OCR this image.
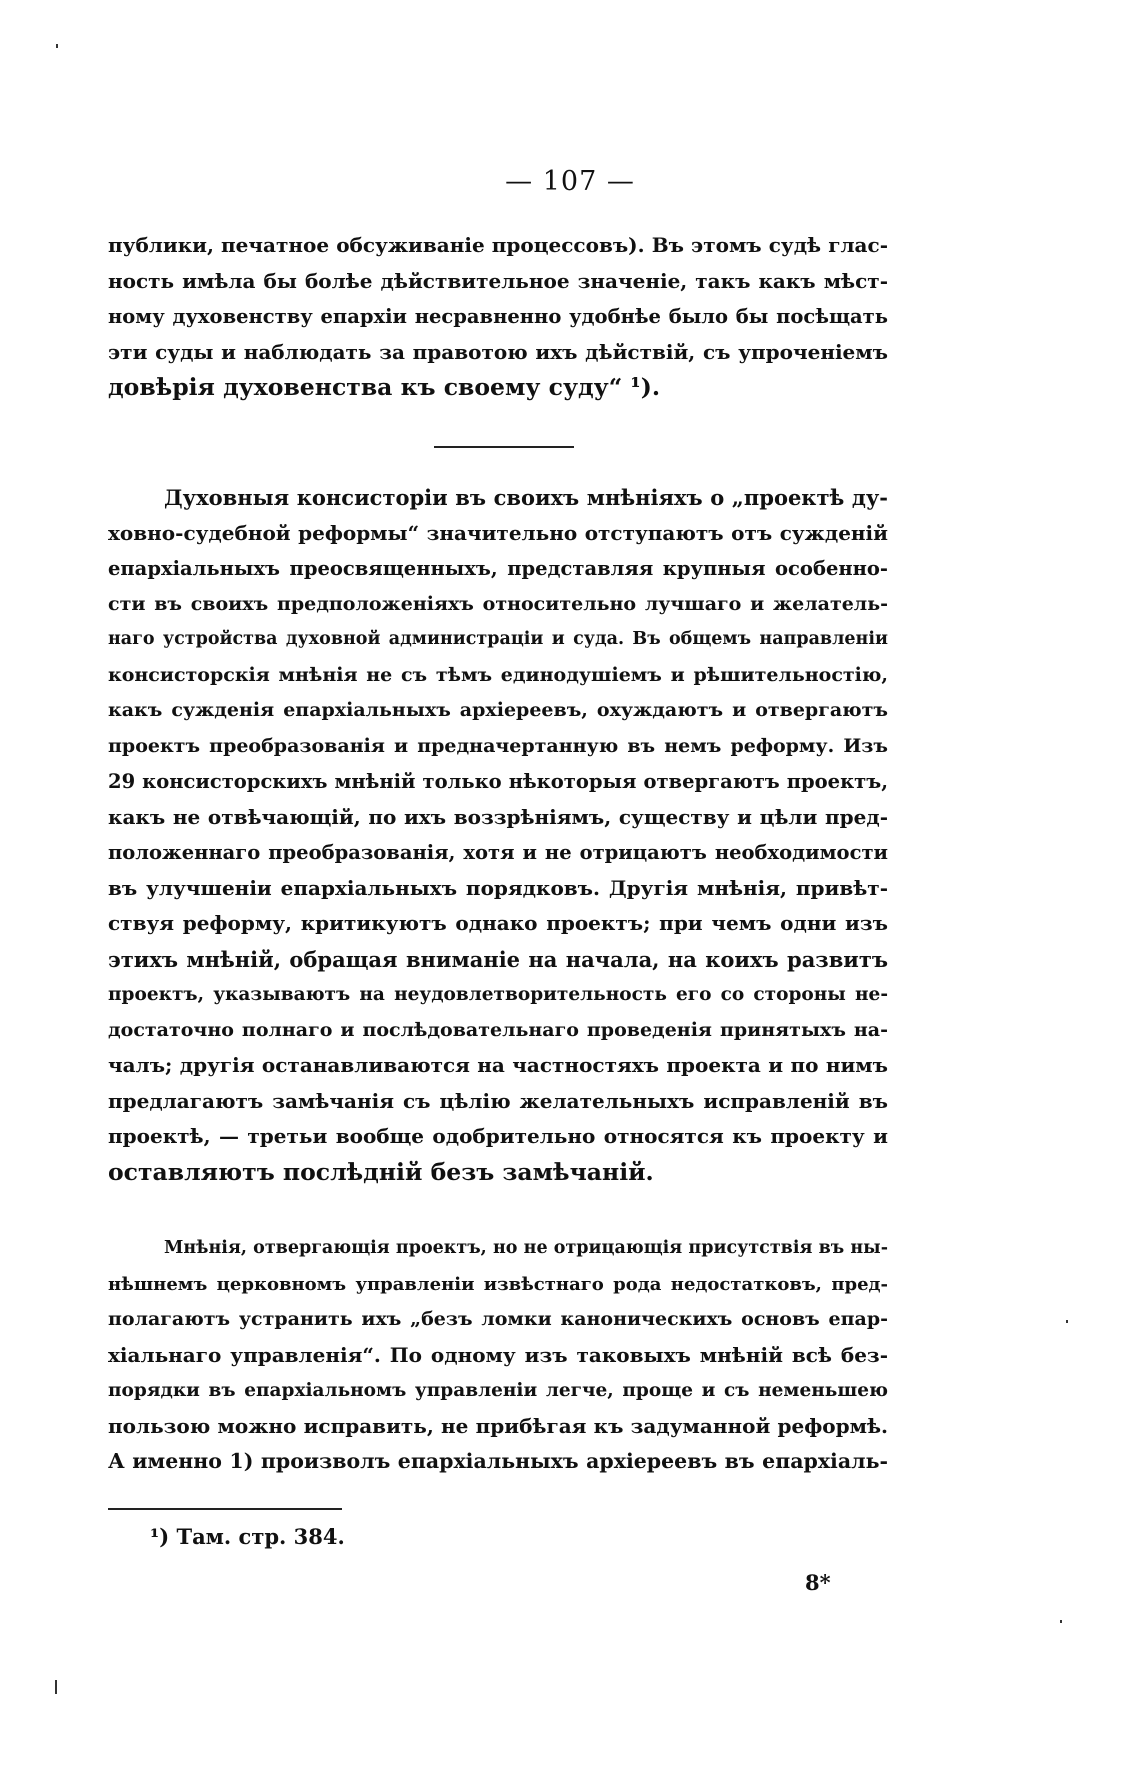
— 107 —
публики, печатное обсуживаніе процессовъ). Въ этомъ судѣ глас-
ность имѣла бы болѣе дѣйствительное значеніе, такъ какъ мѣст-
ному духовенству епархіи несравненно удобнѣе было бы посѣщать
эти суды и наблюдать за правотою ихъ дѣйствій, съ упроченіемъ
довѣрія духовенства къ своему суду“ ¹).
Духовныя консисторіи въ своихъ мнѣніяхъ о „проектѣ ду-
ховно-судебной реформы“ значительно отступаютъ отъ сужденій
епархіальныхъ преосвященныхъ, представляя крупныя особенно-
сти въ своихъ предположеніяхъ относительно лучшаго и желатель-
наго устройства духовной администраціи и суда. Въ общемъ направленіи
консисторскія мнѣнія не съ тѣмъ единодушіемъ и рѣшительностію,
какъ сужденія епархіальныхъ архіереевъ, охуждаютъ и отвергаютъ
проектъ преобразованія и предначертанную въ немъ реформу. Изъ
29 консисторскихъ мнѣній только нѣкоторыя отвергаютъ проектъ,
какъ не отвѣчающій, по ихъ воззрѣніямъ, существу и цѣли пред-
положеннаго преобразованія, хотя и не отрицаютъ необходимости
въ улучшеніи епархіальныхъ порядковъ. Другія мнѣнія, привѣт-
ствуя реформу, критикуютъ однако проектъ; при чемъ одни изъ
этихъ мнѣній, обращая вниманіе на начала, на коихъ развитъ
проектъ, указываютъ на неудовлетворительность его со стороны не-
достаточно полнаго и послѣдовательнаго проведенія принятыхъ на-
чалъ; другія останавливаются на частностяхъ проекта и по нимъ
предлагаютъ замѣчанія съ цѣлію желательныхъ исправленій въ
проектѣ, — третьи вообще одобрительно относятся къ проекту и
оставляютъ послѣдній безъ замѣчаній.
Мнѣнія, отвергающія проектъ, но не отрицающія присутствія въ ны-
нѣшнемъ церковномъ управленіи извѣстнаго рода недостатковъ, пред-
полагаютъ устранить ихъ „безъ ломки каноническихъ основъ епар-
хіальнаго управленія“. По одному изъ таковыхъ мнѣній всѣ без-
порядки въ епархіальномъ управленіи легче, проще и съ неменьшею
пользою можно исправить, не прибѣгая къ задуманной реформѣ.
А именно 1) произволъ епархіальныхъ архіереевъ въ епархіаль-
¹) Там. стр. 384.
8*
